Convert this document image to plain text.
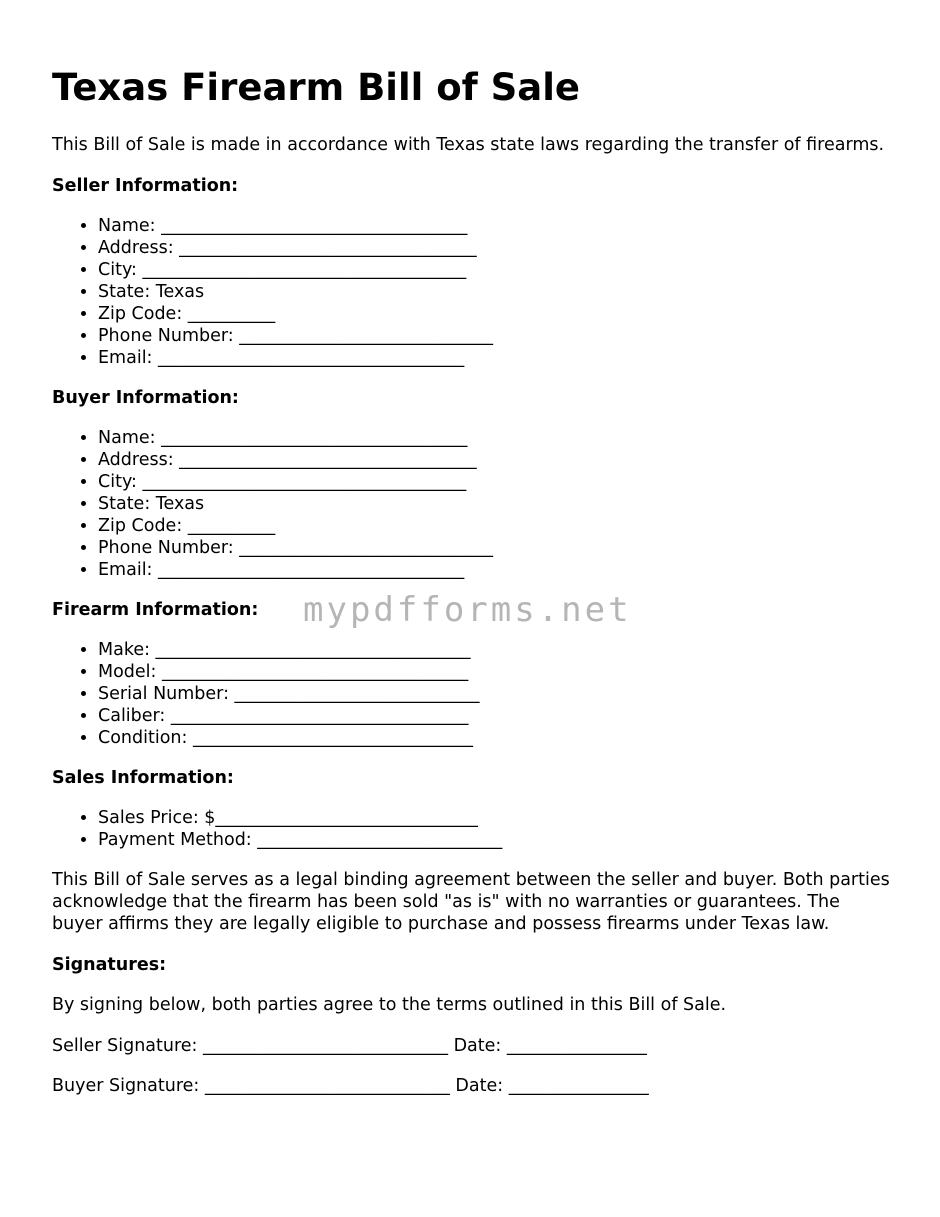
Texas Firearm Bill of Sale

This Bill of Sale is made in accordance with Texas state laws regarding the transfer of firearms.

Seller Information:
• Name: ___________________________________
• Address: __________________________________
• City: _____________________________________
• State: Texas
• Zip Code: __________
• Phone Number: _____________________________
• Email: ___________________________________
Buyer Information:
• Name: ___________________________________
• Address: __________________________________
• City: _____________________________________
• State: Texas
• Zip Code: __________
• Phone Number: _____________________________
• Email: ___________________________________
Firearm Information:
• Make: ____________________________________
• Model: ___________________________________
• Serial Number: ____________________________
• Caliber: __________________________________
• Condition: ________________________________
Sales Information:
• Sales Price: $______________________________
• Payment Method: ____________________________

This Bill of Sale serves as a legal binding agreement between the seller and buyer. Both parties acknowledge that the firearm has been sold "as is" with no warranties or guarantees. The buyer affirms they are legally eligible to purchase and possess firearms under Texas law.

Signatures:

By signing below, both parties agree to the terms outlined in this Bill of Sale.

Seller Signature: ____________________________ Date: ________________

Buyer Signature: ____________________________ Date: ________________

mypdfforms.net
